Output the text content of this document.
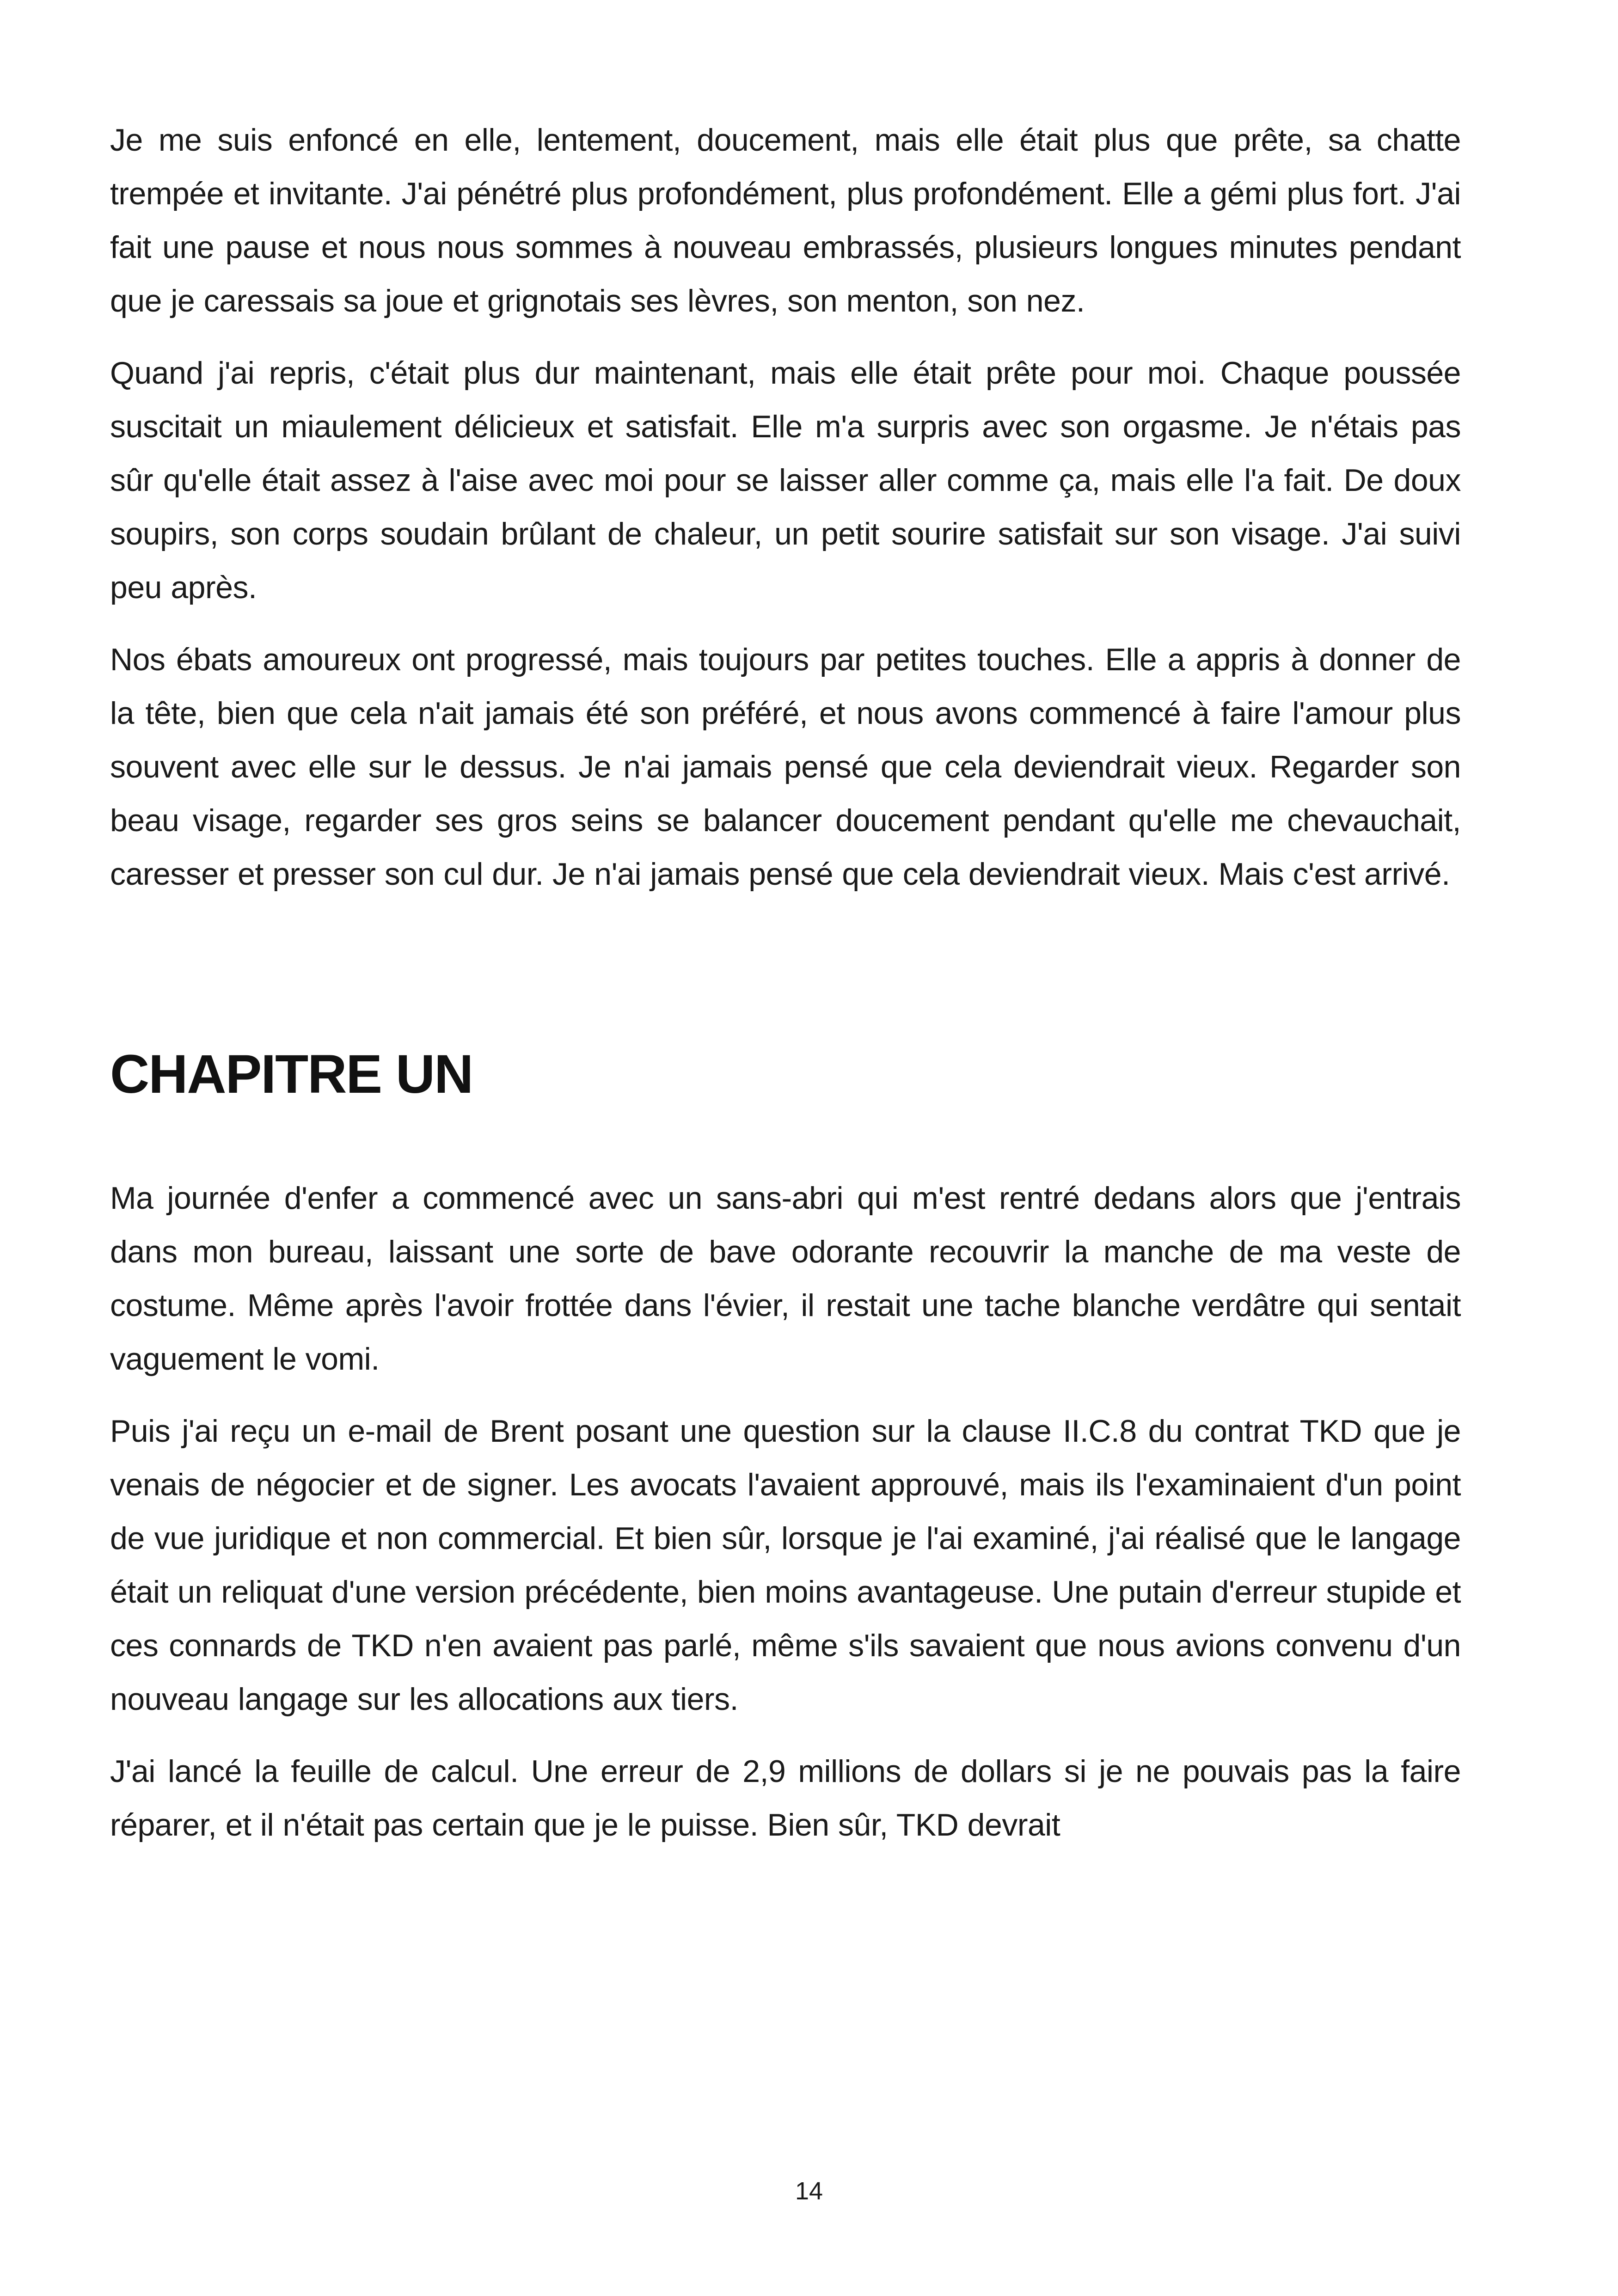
Je me suis enfoncé en elle, lentement, doucement, mais elle était plus que prête, sa chatte trempée et invitante. J'ai pénétré plus profondément, plus profondément. Elle a gémi plus fort. J'ai fait une pause et nous nous sommes à nouveau embrassés, plusieurs longues minutes pendant que je caressais sa joue et grignotais ses lèvres, son menton, son nez.

Quand j'ai repris, c'était plus dur maintenant, mais elle était prête pour moi. Chaque poussée suscitait un miaulement délicieux et satisfait. Elle m'a surpris avec son orgasme. Je n'étais pas sûr qu'elle était assez à l'aise avec moi pour se laisser aller comme ça, mais elle l'a fait. De doux soupirs, son corps soudain brûlant de chaleur, un petit sourire satisfait sur son visage. J'ai suivi peu après.

Nos ébats amoureux ont progressé, mais toujours par petites touches. Elle a appris à donner de la tête, bien que cela n'ait jamais été son préféré, et nous avons commencé à faire l'amour plus souvent avec elle sur le dessus. Je n'ai jamais pensé que cela deviendrait vieux. Regarder son beau visage, regarder ses gros seins se balancer doucement pendant qu'elle me chevauchait, caresser et presser son cul dur. Je n'ai jamais pensé que cela deviendrait vieux. Mais c'est arrivé.

CHAPITRE UN

Ma journée d'enfer a commencé avec un sans-abri qui m'est rentré dedans alors que j'entrais dans mon bureau, laissant une sorte de bave odorante recouvrir la manche de ma veste de costume. Même après l'avoir frottée dans l'évier, il restait une tache blanche verdâtre qui sentait vaguement le vomi.

Puis j'ai reçu un e-mail de Brent posant une question sur la clause II.C.8 du contrat TKD que je venais de négocier et de signer. Les avocats l'avaient approuvé, mais ils l'examinaient d'un point de vue juridique et non commercial. Et bien sûr, lorsque je l'ai examiné, j'ai réalisé que le langage était un reliquat d'une version précédente, bien moins avantageuse. Une putain d'erreur stupide et ces connards de TKD n'en avaient pas parlé, même s'ils savaient que nous avions convenu d'un nouveau langage sur les allocations aux tiers.

J'ai lancé la feuille de calcul. Une erreur de 2,9 millions de dollars si je ne pouvais pas la faire réparer, et il n'était pas certain que je le puisse. Bien sûr, TKD devrait

14
